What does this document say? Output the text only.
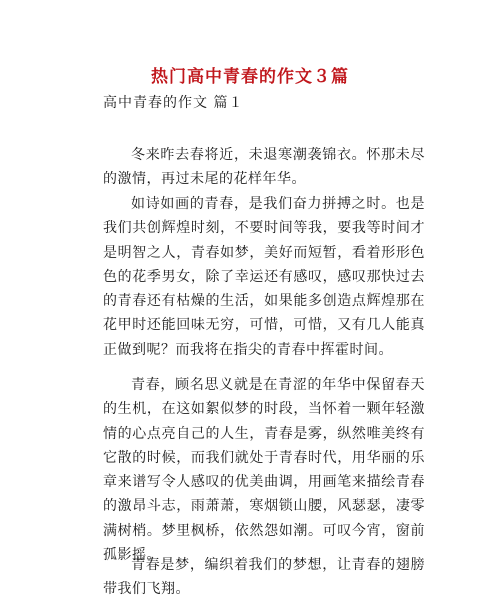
热门高中青春的作文３篇

高中青春的作文 篇１

冬来昨去春将近，未退寒潮袭锦衣。怀那未尽的激情，再过未尾的花样年华。

如诗如画的青春，是我们奋力拼搏之时。也是我们共创辉煌时刻，不要时间等我，要我等时间才是明智之人，青春如梦，美好而短暂，看着形形色色的花季男女，除了幸运还有感叹，感叹那快过去的青春还有枯燥的生活，如果能多创造点辉煌那在花甲时还能回味无穷，可惜，可惜，又有几人能真正做到呢？而我将在指尖的青春中挥霍时间。

青春，顾名思义就是在青涩的年华中保留春天的生机，在这如絮似梦的时段，当怀着一颗年轻激情的心点亮自己的人生，青春是雾，纵然唯美终有它散的时候，而我们就处于青春时代，用华丽的乐章来谱写令人感叹的优美曲调，用画笔来描绘青春的激昂斗志，雨萧萧，寒烟锁山腰，风瑟瑟，凄零满树梢。梦里枫桥，依然怨如潮。可叹今宵，窗前孤影摇。

青春是梦，编织着我们的梦想，让青春的翅膀带我们飞翔。
